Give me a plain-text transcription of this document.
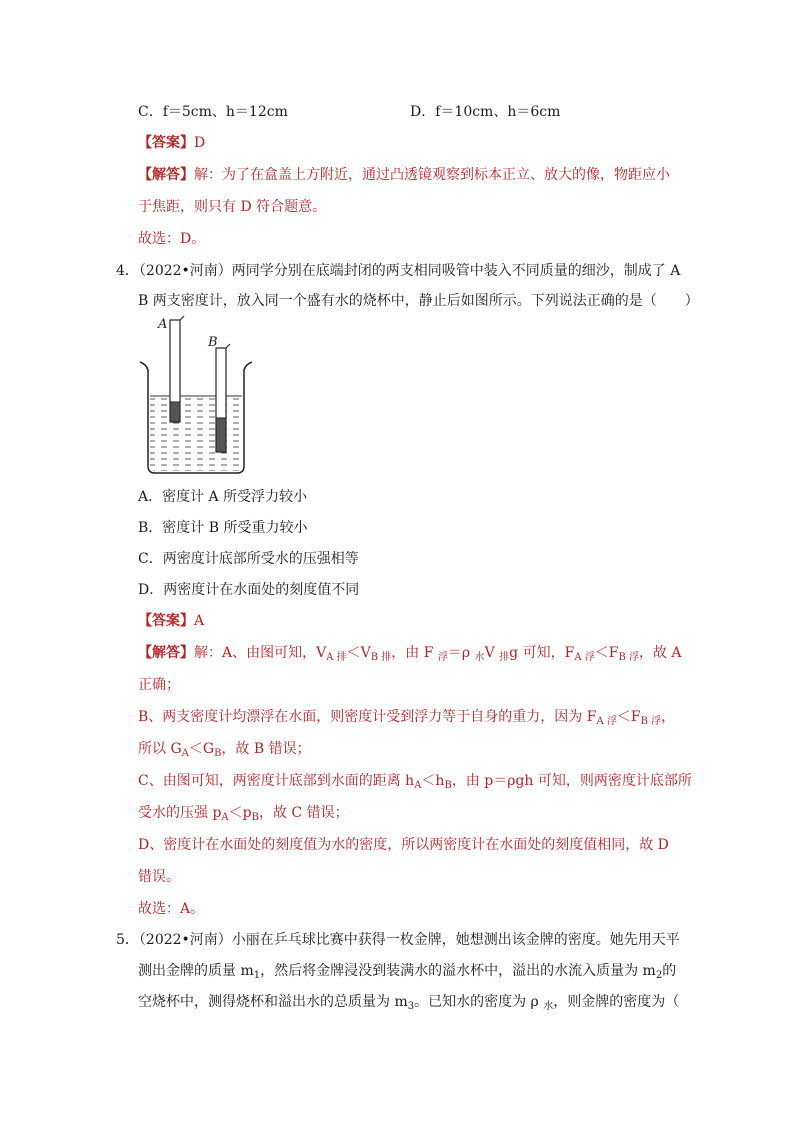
C．f＝5cm、h＝12cm	D．f＝10cm、h＝6cm
【答案】D
【解答】解：为了在盒盖上方附近，通过凸透镜观察到标本正立、放大的像，物距应小
于焦距，则只有 D 符合题意。
故选：D。
4．（2022•河南）两同学分别在底端封闭的两支相同吸管中装入不同质量的细沙，制成了 A
B 两支密度计，放入同一个盛有水的烧杯中，静止后如图所示。下列说法正确的是（　　）
A
B
A．密度计 A 所受浮力较小
B．密度计 B 所受重力较小
C．两密度计底部所受水的压强相等
D．两密度计在水面处的刻度值不同
【答案】A
【解答】解：A、由图可知，$V_{A 排}<V_{B 排}$，由 F $_浮$＝ρ $_水$V $_排$g 可知，$F_{A 浮}<F_{B 浮}$，故 A
正确；
B、两支密度计均漂浮在水面，则密度计受到浮力等于自身的重力，因为 $F_{A 浮}<F_{B 浮}$，
所以 $G_A<G_B$，故 B 错误；
C、由图可知，两密度计底部到水面的距离 $h_A<h_B$，由 p＝ρgh 可知，则两密度计底部所
受水的压强 $p_A<p_B$，故 C 错误；
D、密度计在水面处的刻度值为水的密度，所以两密度计在水面处的刻度值相同，故 D
错误。
故选：A。
5．（2022•河南）小丽在乒乓球比赛中获得一枚金牌，她想测出该金牌的密度。她先用天平
测出金牌的质量 $m_1$，然后将金牌浸没到装满水的溢水杯中，溢出的水流入质量为 $m_2$的
空烧杯中，测得烧杯和溢出水的总质量为 $m_3$。已知水的密度为 ρ $_水$，则金牌的密度为（
